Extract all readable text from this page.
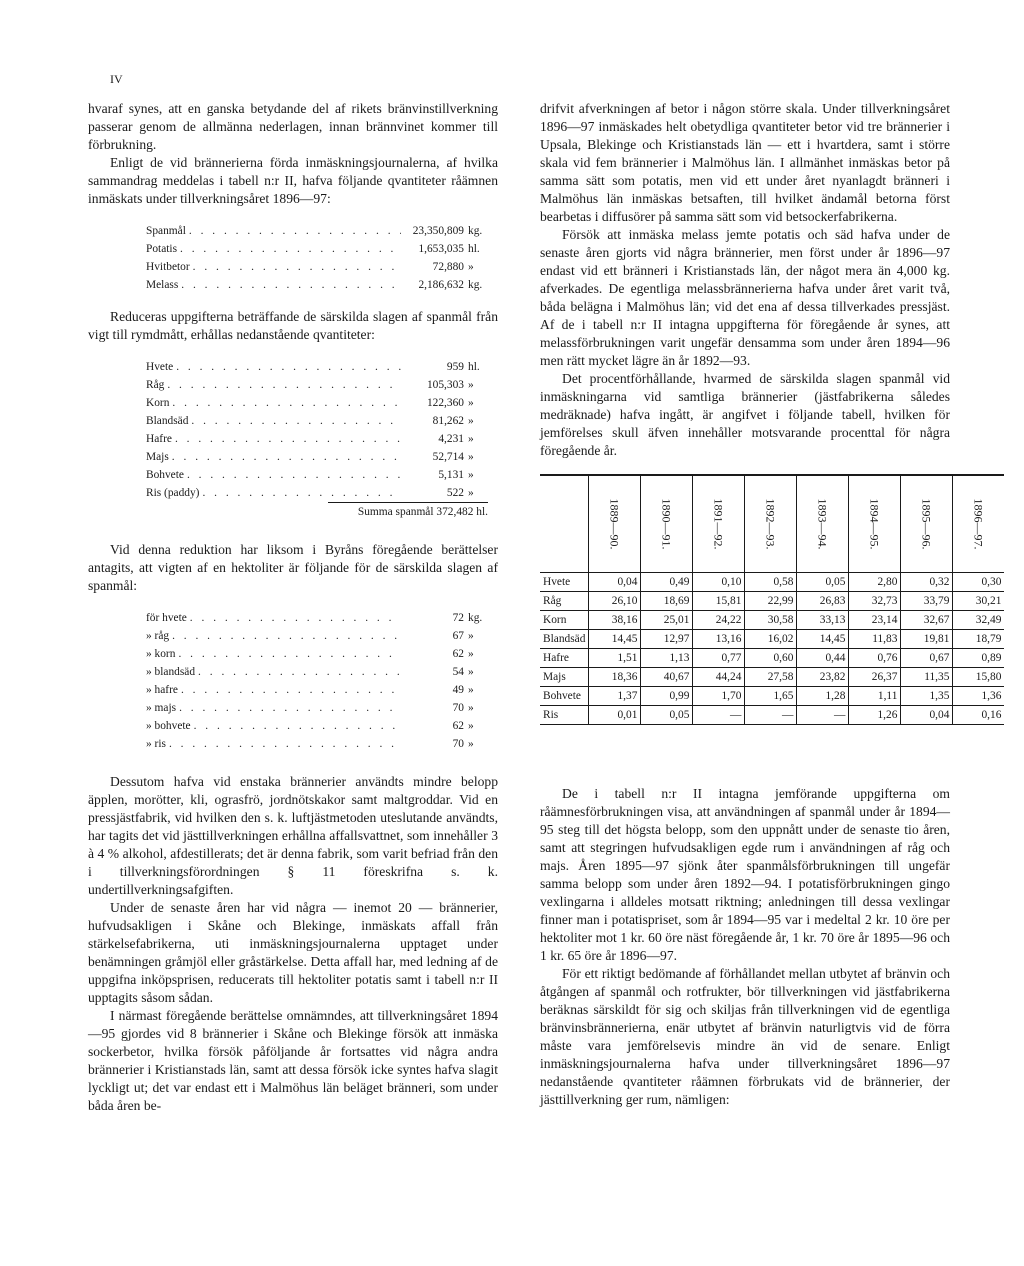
IV

hvaraf synes, att en ganska betydande del af rikets bränvinstillverkning passerar genom de allmänna nederlagen, innan brännvinet kommer till förbrukning.

Enligt de vid brännerierna förda inmäskningsjournalerna, af hvilka sammandrag meddelas i tabell n:r II, hafva följande qvantiteter råämnen inmäskats under tillverkningsåret 1896—97:

Spanmål . . .	23,350,809 kg.
Potatis . . .	1,653,035 hl.
Hvitbetor . . .	72,880 »
Melass . . .	2,186,632 kg.

Reduceras uppgifterna beträffande de särskilda slagen af spanmål från vigt till rymdmått, erhållas nedanstående qvantiteter:

Hvete . . .	959 hl.
Råg . . .	105,303 »
Korn . . .	122,360 »
Blandsäd . . .	81,262 »
Hafre . . .	4,231 »
Majs . . .	52,714 »
Bohvete . . .	5,131 »
Ris (paddy) . . .	522 »
Summa spanmål 372,482 hl.

Vid denna reduktion har liksom i Byråns föregående berättelser antagits, att vigten af en hektoliter är följande för de särskilda slagen af spanmål:

för hvete . . .	72 kg.
» råg . . .	67 »
» korn . . .	62 »
» blandsäd . . .	54 »
» hafre . . .	49 »
» majs . . .	70 »
» bohvete . . .	62 »
» ris . . .	70 »

Dessutom hafva vid enstaka brännerier användts mindre belopp äpplen, morötter, kli, ograsfrö, jordnötskakor samt maltgroddar. Vid en pressjästfabrik, vid hvilken den s. k. luftjästmetoden uteslutande användts, har tagits det vid jästtillverkningen erhållna affallsvattnet, som innehåller 3 à 4 % alkohol, afdestillerats; det är denna fabrik, som varit befriad från den i tillverkningsförordningen § 11 föreskrifna s. k. undertillverkningsafgiften.

Under de senaste åren har vid några — inemot 20 — brännerier, hufvudsakligen i Skåne och Blekinge, inmäskats affall från stärkelsefabrikerna, uti inmäskningsjournalerna upptaget under benämningen gråmjöl eller gråstärkelse. Detta affall har, med ledning af de uppgifna inköpsprisen, reducerats till hektoliter potatis samt i tabell n:r II upptagits såsom sådan.

I närmast föregående berättelse omnämndes, att tillverkningsåret 1894—95 gjordes vid 8 brännerier i Skåne och Blekinge försök att inmäska sockerbetor, hvilka försök påföljande år fortsattes vid några andra brännerier i Kristianstads län, samt att dessa försök icke syntes hafva slagit lyckligt ut; det var endast ett i Malmöhus län beläget bränneri, som under båda åren be-

drifvit afverkningen af betor i någon större skala. Under tillverkningsåret 1896—97 inmäskades helt obetydliga qvantiteter betor vid tre brännerier i Upsala, Blekinge och Kristianstads län — ett i hvartdera, samt i större skala vid fem brännerier i Malmöhus län. I allmänhet inmäskas betor på samma sätt som potatis, men vid ett under året nyanlagdt bränneri i Malmöhus län inmäskas betsaften, till hvilket ändamål betorna först bearbetas i diffusörer på samma sätt som vid betsockerfabrikerna.

Försök att inmäska melass jemte potatis och säd hafva under de senaste åren gjorts vid några brännerier, men först under år 1896—97 endast vid ett bränneri i Kristianstads län, der något mera än 4,000 kg. afverkades. De egentliga melassbrännerierna hafva under året varit två, båda belägna i Malmöhus län; vid det ena af dessa tillverkades pressjäst. Af de i tabell n:r II intagna uppgifterna för föregående år synes, att melassförbrukningen varit ungefär densamma som under åren 1894—96 men rätt mycket lägre än år 1892—93.

Det procentförhållande, hvarmed de särskilda slagen spanmål vid inmäskningarna vid samtliga brännerier (jästfabrikerna således medräknade) hafva ingått, är angifvet i följande tabell, hvilken för jemförelses skull äfven innehåller motsvarande procenttal för några föregående år.

	1889—90.	1890—91.	1891—92.	1892—93.	1893—94.	1894—95.	1895—96.	1896—97.
Hvete	0,04	0,49	0,10	0,58	0,05	2,80	0,32	0,30
Råg	26,10	18,69	15,81	22,99	26,83	32,73	33,79	30,21
Korn	38,16	25,01	24,22	30,58	33,13	23,14	32,67	32,49
Blandsäd	14,45	12,97	13,16	16,02	14,45	11,83	19,81	18,79
Hafre	1,51	1,13	0,77	0,60	0,44	0,76	0,67	0,89
Majs	18,36	40,67	44,24	27,58	23,82	26,37	11,35	15,80
Bohvete	1,37	0,99	1,70	1,65	1,28	1,11	1,35	1,36
Ris	0,01	0,05	—	—	—	1,26	0,04	0,16

De i tabell n:r II intagna jemförande uppgifterna om råämnesförbrukningen visa, att användningen af spanmål under år 1894—95 steg till det högsta belopp, som den uppnått under de senaste tio åren, samt att stegringen hufvudsakligen egde rum i användningen af råg och majs. Åren 1895—97 sjönk åter spanmålsförbrukningen till ungefär samma belopp som under åren 1892—94. I potatisförbrukningen gingo vexlingarna i alldeles motsatt riktning; anledningen till dessa vexlingar finner man i potatispriset, som år 1894—95 var i medeltal 2 kr. 10 öre per hektoliter mot 1 kr. 60 öre näst föregående år, 1 kr. 70 öre år 1895—96 och 1 kr. 65 öre år 1896—97.

För ett riktigt bedömande af förhållandet mellan utbytet af bränvin och åtgången af spanmål och rotfrukter, bör tillverkningen vid jästfabrikerna beräknas särskildt för sig och skiljas från tillverkningen vid de egentliga bränvinsbrännerierna, enär utbytet af bränvin naturligtvis vid de förra måste vara jemförelsevis mindre än vid de senare. Enligt inmäskningsjournalerna hafva under tillverkningsåret 1896—97 nedanstående qvantiteter råämnen förbrukats vid de brännerier, der jästtillverkning ger rum, nämligen:
